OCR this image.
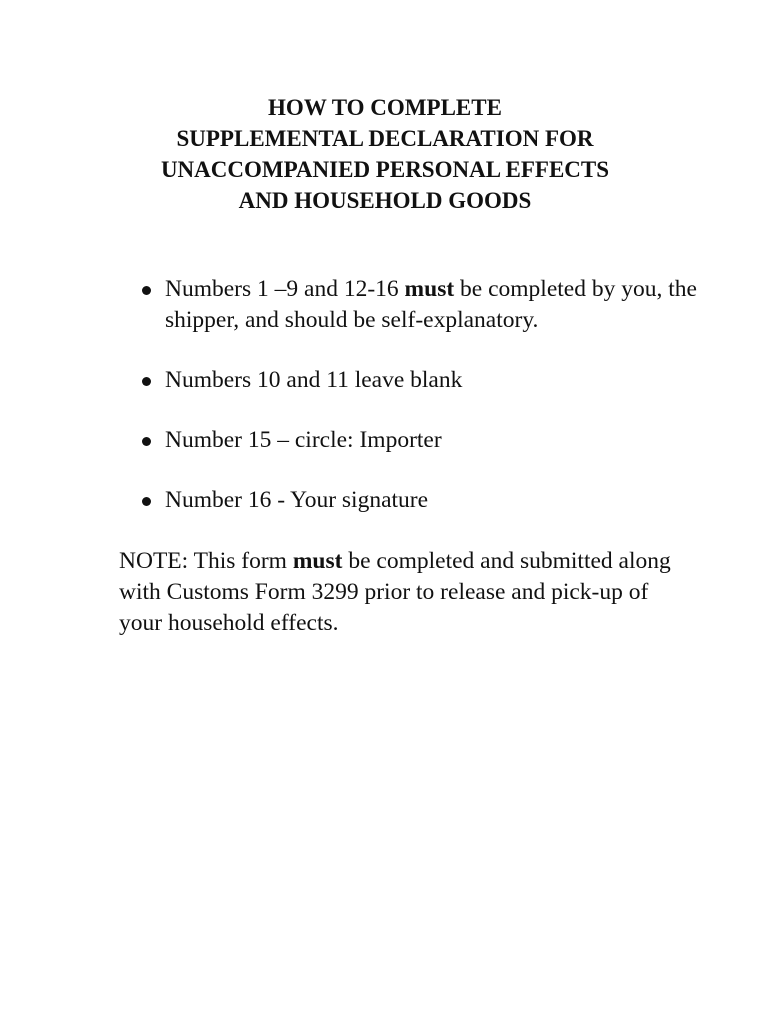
HOW TO COMPLETE
SUPPLEMENTAL DECLARATION FOR
UNACCOMPANIED PERSONAL EFFECTS
AND HOUSEHOLD GOODS
Numbers 1 –9 and 12-16 must be completed by you, the shipper, and should be self-explanatory.
Numbers 10 and 11 leave blank
Number 15 – circle: Importer
Number 16 - Your signature
NOTE: This form must be completed and submitted along with Customs Form 3299 prior to release and pick-up of your household effects.
